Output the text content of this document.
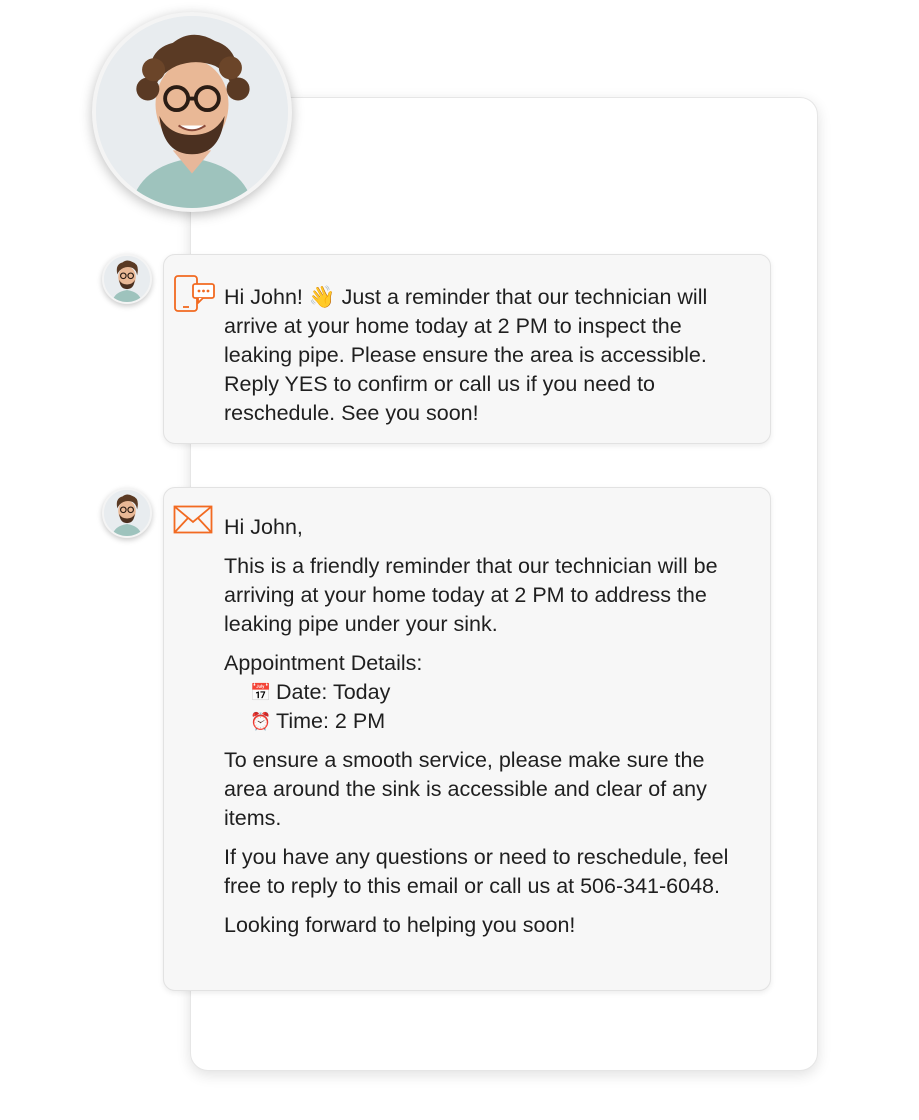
Hi John! 👋 Just a reminder that our technician will arrive at your home today at 2 PM to inspect the leaking pipe. Please ensure the area is accessible. Reply YES to confirm or call us if you need to reschedule. See you soon!

Hi John,

This is a friendly reminder that our technician will be arriving at your home today at 2 PM to address the leaking pipe under your sink.

Appointment Details:

📅 Date: Today
⏰ Time: 2 PM

To ensure a smooth service, please make sure the area around the sink is accessible and clear of any items.

If you have any questions or need to reschedule, feel free to reply to this email or call us at 506-341-6048.

Looking forward to helping you soon!
